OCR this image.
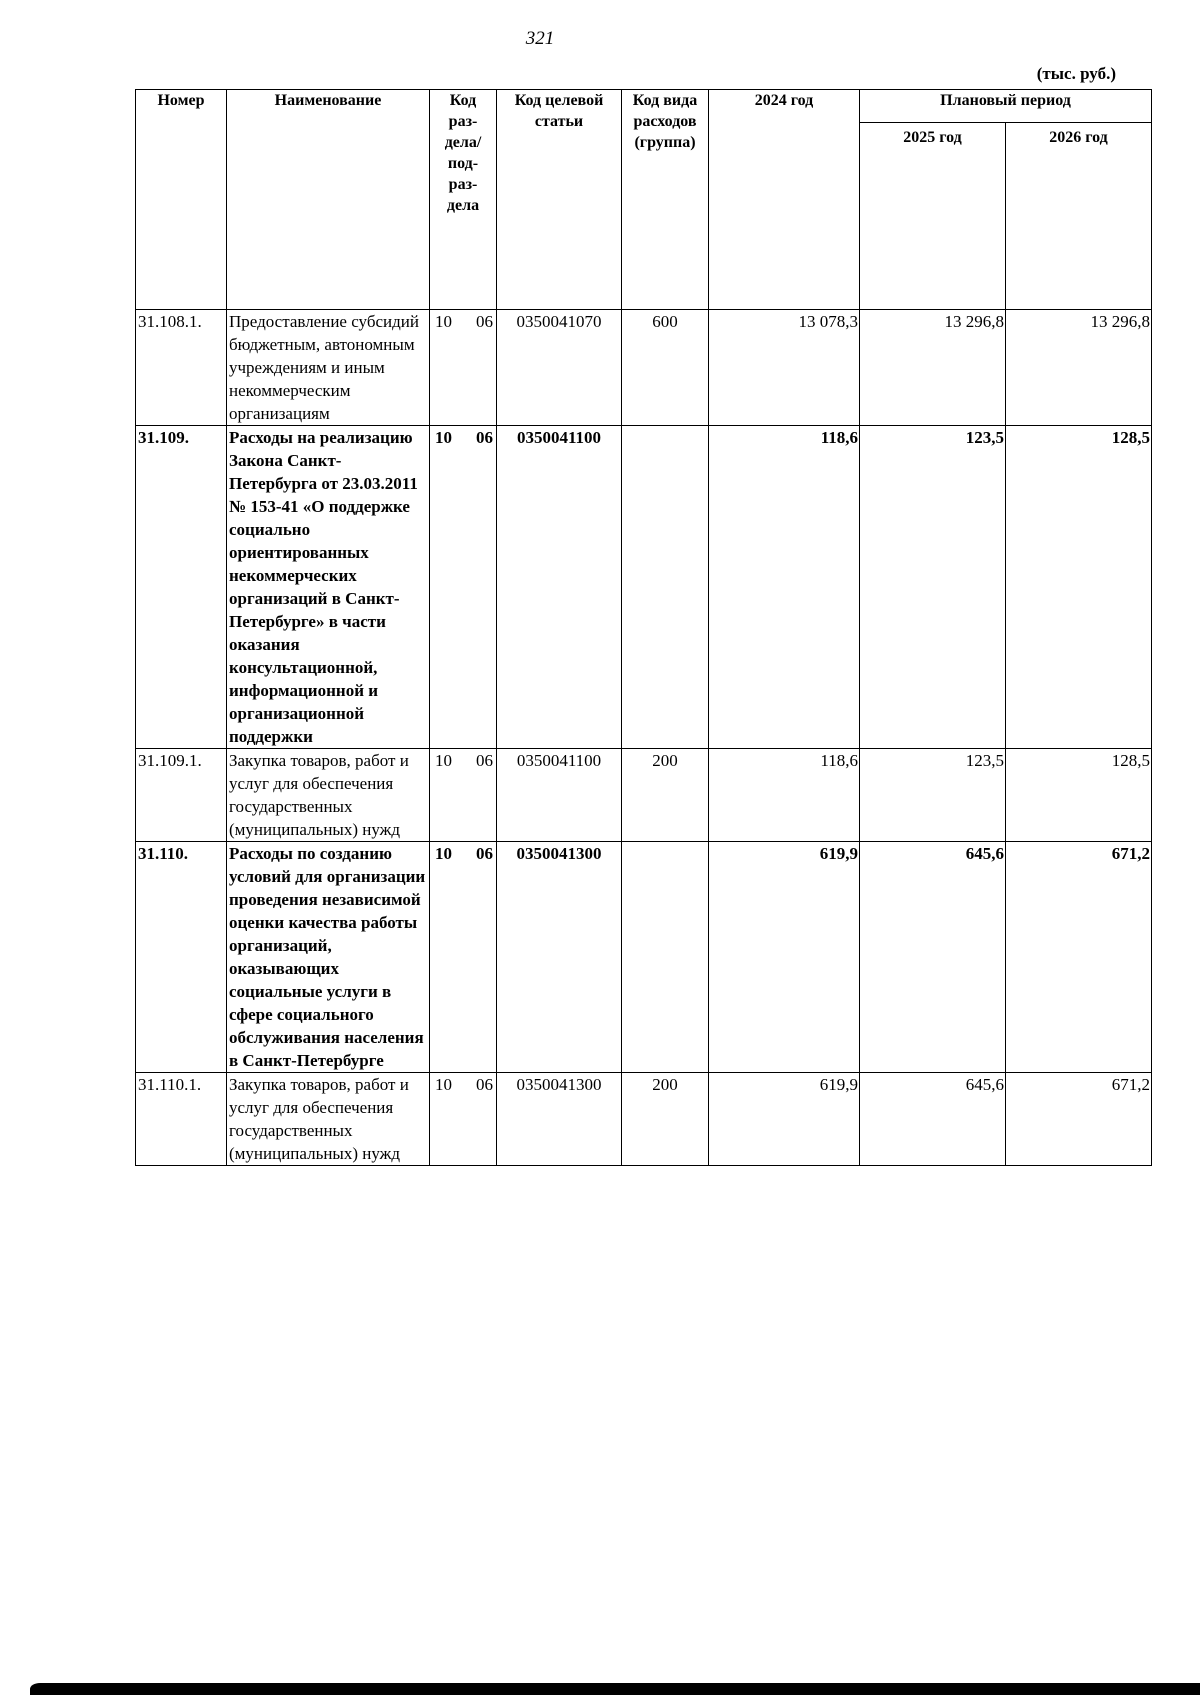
321
(тыс. руб.)
Номер	Наименование	Код раз-дела/ под-раз-дела	Код целевой статьи	Код вида расходов (группа)	2024 год	Плановый период	
						2025 год	2026 год
31.108.1.	Предоставление субсидий бюджетным, автономным учреждениям и иным некоммерческим организациям	10 06	0350041070	600	13 078,3	13 296,8	13 296,8
31.109.	Расходы на реализацию Закона Санкт-Петербурга от 23.03.2011 № 153-41 «О поддержке социально ориентированных некоммерческих организаций в Санкт-Петербурге» в части оказания консультационной, информационной и организационной поддержки	10 06	0350041100		118,6	123,5	128,5
31.109.1.	Закупка товаров, работ и услуг для обеспечения государственных (муниципальных) нужд	10 06	0350041100	200	118,6	123,5	128,5
31.110.	Расходы по созданию условий для организации проведения независимой оценки качества работы организаций, оказывающих социальные услуги в сфере социального обслуживания населения в Санкт-Петербурге	10 06	0350041300		619,9	645,6	671,2
31.110.1.	Закупка товаров, работ и услуг для обеспечения государственных (муниципальных) нужд	10 06	0350041300	200	619,9	645,6	671,2
